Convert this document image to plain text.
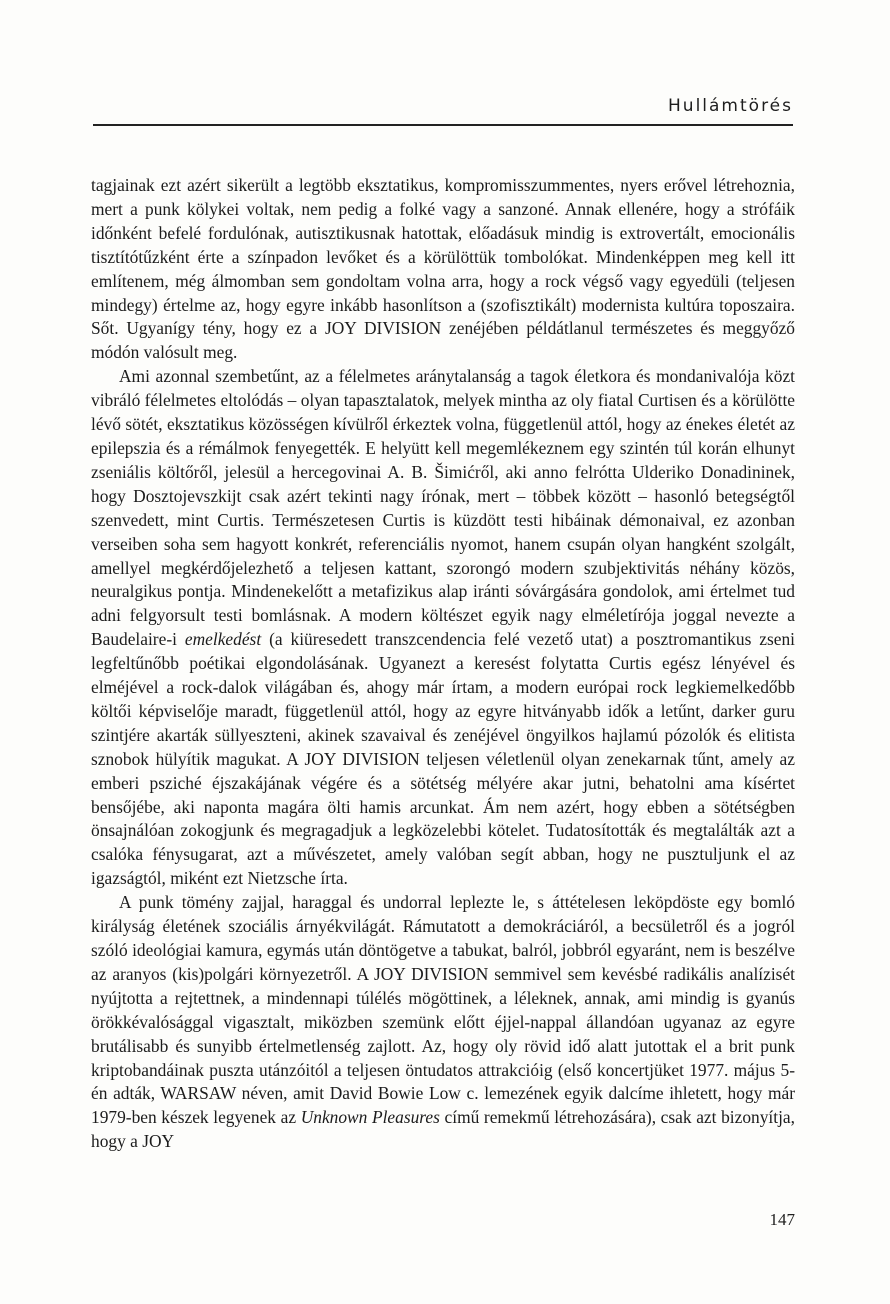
Hullámtörés

tagjainak ezt azért sikerült a legtöbb eksztatikus, kompromisszummentes, nyers erővel létrehoznia, mert a punk kölykei voltak, nem pedig a folké vagy a sanzoné. Annak ellenére, hogy a strófáik időnként befelé fordulónak, autisztikusnak hatottak, előadásuk mindig is extrovertált, emocionális tisztítótűzként érte a színpadon levőket és a körülöttük tombolókat. Mindenképpen meg kell itt említenem, még álmomban sem gondoltam volna arra, hogy a rock végső vagy egyedüli (teljesen mindegy) értelme az, hogy egyre inkább hasonlítson a (szofisztikált) modernista kultúra toposzaira. Sőt. Ugyanígy tény, hogy ez a JOY DIVISION zenéjében példátlanul természetes és meggyőző módón valósult meg.

Ami azonnal szembetűnt, az a félelmetes aránytalanság a tagok életkora és mondanivalója közt vibráló félelmetes eltolódás – olyan tapasztalatok, melyek mintha az oly fiatal Curtisen és a körülötte lévő sötét, eksztatikus közösségen kívülről érkeztek volna, függetlenül attól, hogy az énekes életét az epilepszia és a rémálmok fenyegették. E helyütt kell megemlékeznem egy szintén túl korán elhunyt zseniális költőről, jelesül a hercegovinai A. B. Šimićről, aki anno felrótta Ulderiko Donadininek, hogy Dosztojevszkijt csak azért tekinti nagy írónak, mert – többek között – hasonló betegségtől szenvedett, mint Curtis. Természetesen Curtis is küzdött testi hibáinak démonaival, ez azonban verseiben soha sem hagyott konkrét, referenciális nyomot, hanem csupán olyan hangként szolgált, amellyel megkérdőjelezhető a teljesen kattant, szorongó modern szubjektivitás néhány közös, neuralgikus pontja. Mindenekelőtt a metafizikus alap iránti sóvárgására gondolok, ami értelmet tud adni felgyorsult testi bomlásnak. A modern költészet egyik nagy elméletírója joggal nevezte a Baudelaire-i emelkedést (a kiüresedett transzcendencia felé vezető utat) a posztromantikus zseni legfeltűnőbb poétikai elgondolásának. Ugyanezt a keresést folytatta Curtis egész lényével és elméjével a rock-dalok világában és, ahogy már írtam, a modern európai rock legkiemelkedőbb költői képviselője maradt, függetlenül attól, hogy az egyre hitványabb idők a letűnt, darker guru szintjére akarták süllyeszteni, akinek szavaival és zenéjével öngyilkos hajlamú pózolók és elitista sznobok hülyítik magukat. A JOY DIVISION teljesen véletlenül olyan zenekarnak tűnt, amely az emberi psziché éjszakájának végére és a sötétség mélyére akar jutni, behatolni ama kísértet bensőjébe, aki naponta magára ölti hamis arcunkat. Ám nem azért, hogy ebben a sötétségben önsajnálóan zokogjunk és megragadjuk a legközelebbi kötelet. Tudatosították és megtalálták azt a csalóka fénysugarat, azt a művészetet, amely valóban segít abban, hogy ne pusztuljunk el az igazságtól, miként ezt Nietzsche írta.

A punk tömény zajjal, haraggal és undorral leplezte le, s áttételesen leköpdöste egy bomló királyság életének szociális árnyékvilágát. Rámutatott a demokráciáról, a becsületről és a jogról szóló ideológiai kamura, egymás után döntögetve a tabukat, balról, jobbról egyaránt, nem is beszélve az aranyos (kis)polgári környezetről. A JOY DIVISION semmivel sem kevésbé radikális analízisét nyújtotta a rejtettnek, a mindennapi túlélés mögöttinek, a léleknek, annak, ami mindig is gyanús örökkévalósággal vigasztalt, miközben szemünk előtt éjjel-nappal állandóan ugyanaz az egyre brutálisabb és sunyibb értelmetlenség zajlott. Az, hogy oly rövid idő alatt jutottak el a brit punk kriptobandáinak puszta utánzóitól a teljesen öntudatos attrakcióig (első koncertjüket 1977. május 5-én adták, WARSAW néven, amit David Bowie Low c. lemezének egyik dalcíme ihletett, hogy már 1979-ben készek legyenek az Unknown Pleasures című remekmű létrehozására), csak azt bizonyítja, hogy a JOY

147
